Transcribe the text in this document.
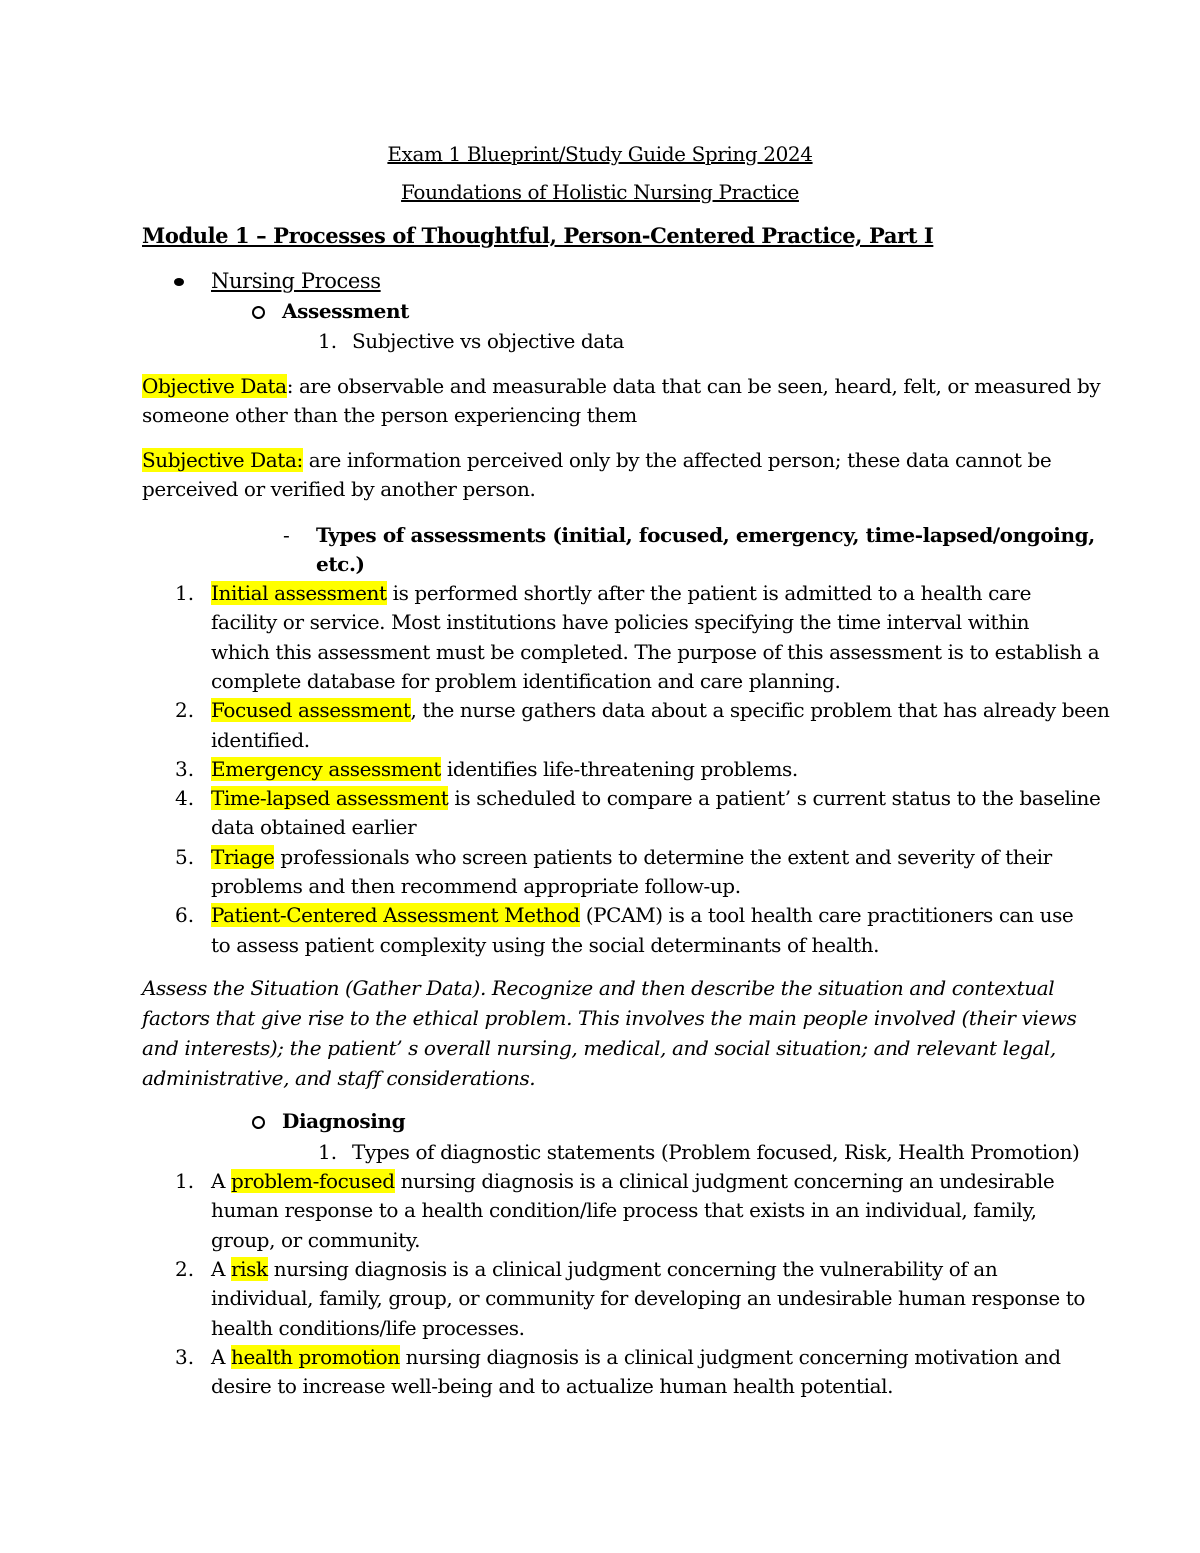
Exam 1 Blueprint/Study Guide Spring 2024
Foundations of Holistic Nursing Practice
Module 1 – Processes of Thoughtful, Person-Centered Practice, Part I
Nursing Process
Assessment
1. Subjective vs objective data
Objective Data: are observable and measurable data that can be seen, heard, felt, or measured by
someone other than the person experiencing them
Subjective Data: are information perceived only by the affected person; these data cannot be
perceived or verified by another person.
- Types of assessments (initial, focused, emergency, time-lapsed/ongoing,
etc.)
1. Initial assessment is performed shortly after the patient is admitted to a health care
facility or service. Most institutions have policies specifying the time interval within
which this assessment must be completed. The purpose of this assessment is to establish a
complete database for problem identification and care planning.
2. Focused assessment, the nurse gathers data about a specific problem that has already been
identified.
3. Emergency assessment identifies life-threatening problems.
4. Time-lapsed assessment is scheduled to compare a patient’ s current status to the baseline
data obtained earlier
5. Triage professionals who screen patients to determine the extent and severity of their
problems and then recommend appropriate follow-up.
6. Patient-Centered Assessment Method (PCAM) is a tool health care practitioners can use
to assess patient complexity using the social determinants of health.
Assess the Situation (Gather Data). Recognize and then describe the situation and contextual
factors that give rise to the ethical problem. This involves the main people involved (their views
and interests); the patient’ s overall nursing, medical, and social situation; and relevant legal,
administrative, and staff considerations.
Diagnosing
1. Types of diagnostic statements (Problem focused, Risk, Health Promotion)
1. A problem-focused nursing diagnosis is a clinical judgment concerning an undesirable
human response to a health condition/life process that exists in an individual, family,
group, or community.
2. A risk nursing diagnosis is a clinical judgment concerning the vulnerability of an
individual, family, group, or community for developing an undesirable human response to
health conditions/life processes.
3. A health promotion nursing diagnosis is a clinical judgment concerning motivation and
desire to increase well-being and to actualize human health potential.
